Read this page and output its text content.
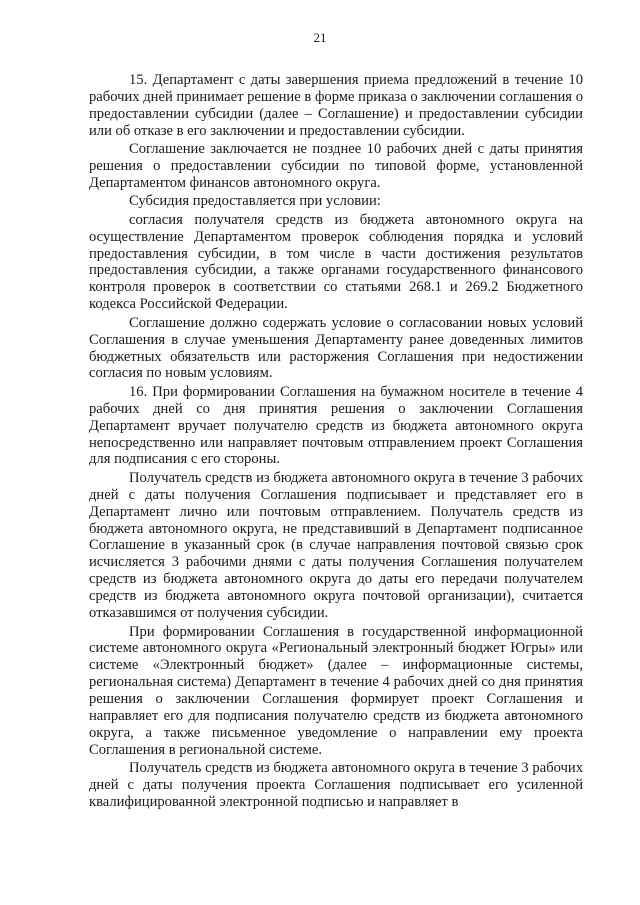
21

15. Департамент с даты завершения приема предложений в течение 10 рабочих дней принимает решение в форме приказа о заключении соглашения о предоставлении субсидии (далее – Соглашение) и предоставлении субсидии или об отказе в его заключении и предоставлении субсидии.

Соглашение заключается не позднее 10 рабочих дней с даты принятия решения о предоставлении субсидии по типовой форме, установленной Департаментом финансов автономного округа.

Субсидия предоставляется при условии:

согласия получателя средств из бюджета автономного округа на осуществление Департаментом проверок соблюдения порядка и условий предоставления субсидии, в том числе в части достижения результатов предоставления субсидии, а также органами государственного финансового контроля проверок в соответствии со статьями 268.1 и 269.2 Бюджетного кодекса Российской Федерации.

Соглашение должно содержать условие о согласовании новых условий Соглашения в случае уменьшения Департаменту ранее доведенных лимитов бюджетных обязательств или расторжения Соглашения при недостижении согласия по новым условиям.

16. При формировании Соглашения на бумажном носителе в течение 4 рабочих дней со дня принятия решения о заключении Соглашения Департамент вручает получателю средств из бюджета автономного округа непосредственно или направляет почтовым отправлением проект Соглашения для подписания с его стороны.

Получатель средств из бюджета автономного округа в течение 3 рабочих дней с даты получения Соглашения подписывает и представляет его в Департамент лично или почтовым отправлением. Получатель средств из бюджета автономного округа, не представивший в Департамент подписанное Соглашение в указанный срок (в случае направления почтовой связью срок исчисляется 3 рабочими днями с даты получения Соглашения получателем средств из бюджета автономного округа до даты его передачи получателем средств из бюджета автономного округа почтовой организации), считается отказавшимся от получения субсидии.

При формировании Соглашения в государственной информационной системе автономного округа «Региональный электронный бюджет Югры» или системе «Электронный бюджет» (далее – информационные системы, региональная система) Департамент в течение 4 рабочих дней со дня принятия решения о заключении Соглашения формирует проект Соглашения и направляет его для подписания получателю средств из бюджета автономного округа, а также письменное уведомление о направлении ему проекта Соглашения в региональной системе.

Получатель средств из бюджета автономного округа в течение 3 рабочих дней с даты получения проекта Соглашения подписывает его усиленной квалифицированной электронной подписью и направляет в
